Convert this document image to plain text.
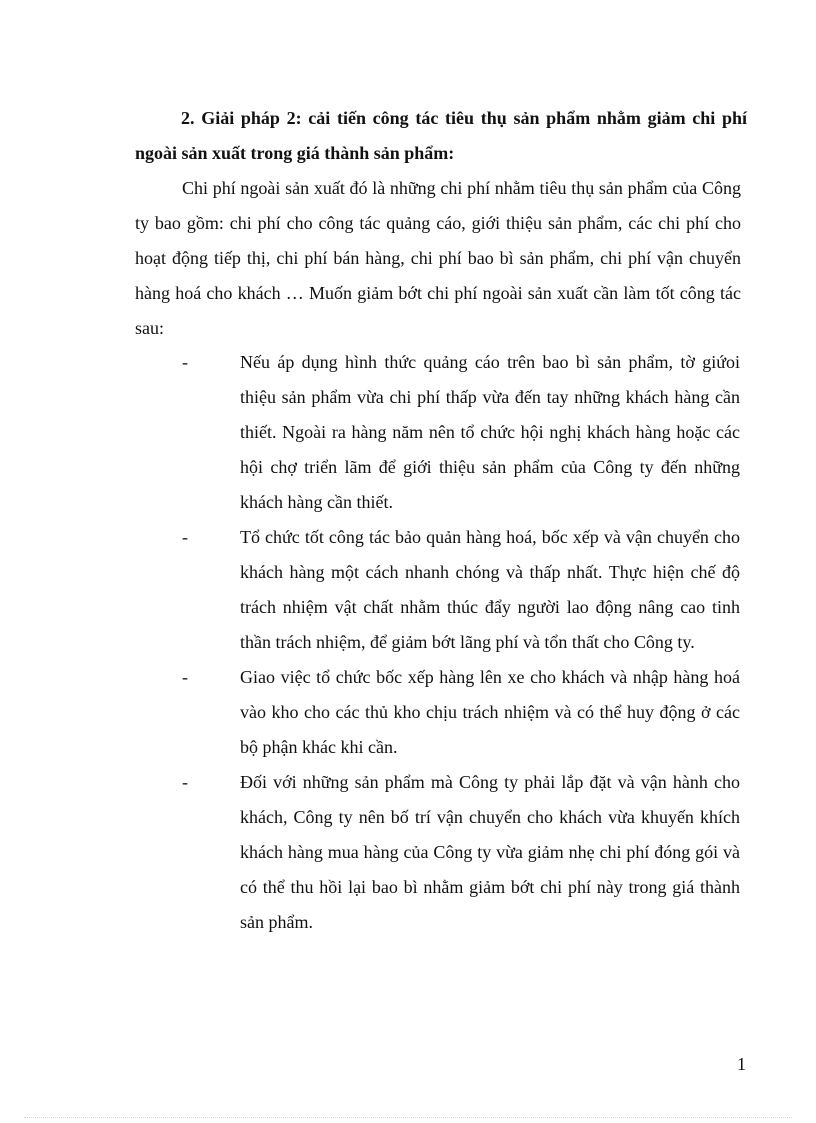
2. Giải pháp 2: cải tiến công tác tiêu thụ sản phẩm nhằm giảm chi phí ngoài sản xuất trong giá thành sản phẩm:

Chi phí ngoài sản xuất đó là những chi phí nhằm tiêu thụ sản phẩm của Công ty bao gồm: chi phí cho công tác quảng cáo, giới thiệu sản phẩm, các chi phí cho hoạt động tiếp thị, chi phí bán hàng, chi phí bao bì sản phẩm, chi phí vận chuyển hàng hoá cho khách … Muốn giảm bớt chi phí ngoài sản xuất cần làm tốt công tác sau:

-	Nếu áp dụng hình thức quảng cáo trên bao bì sản phẩm, tờ giứoi thiệu sản phẩm vừa chi phí thấp vừa đến tay những khách hàng cần thiết. Ngoài ra hàng năm nên tổ chức hội nghị khách hàng hoặc các hội chợ triển lãm để giới thiệu sản phẩm của Công ty đến những khách hàng cần thiết.
-	Tổ chức tốt công tác bảo quản hàng hoá, bốc xếp và vận chuyển cho khách hàng một cách nhanh chóng và thấp nhất. Thực hiện chế độ trách nhiệm vật chất nhằm thúc đẩy người lao động nâng cao tinh thần trách nhiệm, để giảm bớt lãng phí và tổn thất cho Công ty.
-	Giao việc tổ chức bốc xếp hàng lên xe cho khách và nhập hàng hoá vào kho cho các thủ kho chịu trách nhiệm và có thể huy động ở các bộ phận khác khi cần.
-	Đối với những sản phẩm mà Công ty phải lắp đặt và vận hành cho khách, Công ty nên bố trí vận chuyển cho khách vừa khuyến khích khách hàng mua hàng của Công ty vừa giảm nhẹ chi phí đóng gói và có thể thu hồi lại bao bì nhằm giảm bớt chi phí này trong giá thành sản phẩm.
1
